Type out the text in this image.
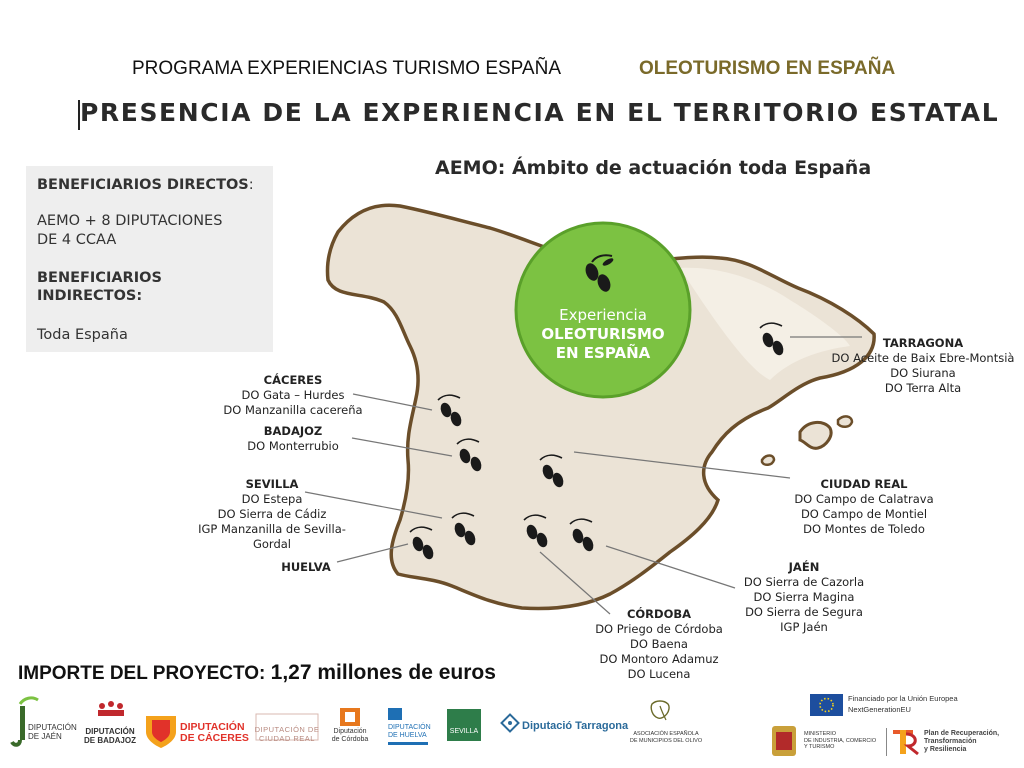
PROGRAMA EXPERIENCIAS TURISMO ESPAÑA	OLEOTURISMO EN ESPAÑA
PRESENCIA DE LA EXPERIENCIA EN EL TERRITORIO ESTATAL
AEMO: Ámbito de actuación toda España
Experiencia
OLEOTURISMO
EN ESPAÑA
BENEFICIARIOS DIRECTOS:
AEMO + 8 DIPUTACIONES
DE 4 CCAA
BENEFICIARIOS
INDIRECTOS:
Toda España
CÁCERES
DO Gata – Hurdes
DO Manzanilla cacereña
BADAJOZ
DO Monterrubio
SEVILLA
DO Estepa
DO Sierra de Cádiz
IGP Manzanilla de Sevilla-
Gordal
HUELVA
TARRAGONA
DO Aceite de Baix Ebre-Montsià
DO Siurana
DO Terra Alta
CIUDAD REAL
DO Campo de Calatrava
DO Campo de Montiel
DO Montes de Toledo
JAÉN
DO Sierra de Cazorla
DO Sierra Magina
DO Sierra de Segura
IGP Jaén
CÓRDOBA
DO Priego de Córdoba
DO Baena
DO Montoro Adamuz
DO Lucena
IMPORTE DEL PROYECTO: 1,27 millones de euros
DIPUTACIÓN
DE JAÉN
DIPUTACIÓN
DE BADAJOZ
DIPUTACIÓN
DE CÁCERES
DIPUTACIÓN DE
CIUDAD REAL
Diputación
de Córdoba
DIPUTACIÓN
DE HUELVA
SEVILLA	Diputació Tarragona
ASOCIACIÓN ESPAÑOLA
DE MUNICIPIOS DEL OLIVO
Financiado por la Unión Europea
NextGenerationEU
MINISTERIO
DE INDUSTRIA, COMERCIO
Y TURISMO
Plan de Recuperación,
Transformación
y Resiliencia
